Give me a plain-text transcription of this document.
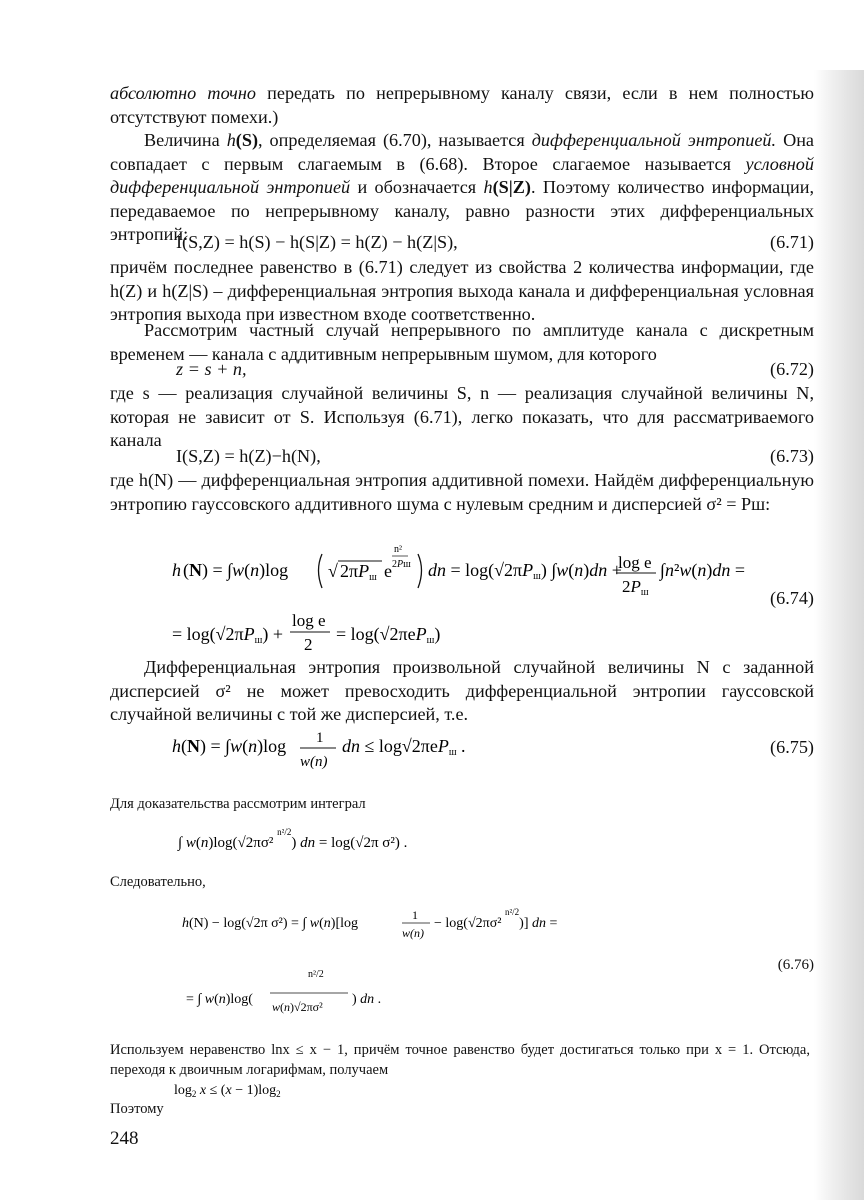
абсолютно точно передать по непрерывному каналу связи, если в нем полностью отсутствуют помехи.)

Величина h(S), определяемая (6.70), называется дифференциальной энтропией. Она совпадает с первым слагаемым в (6.68). Второе слагаемое называется условной дифференциальной энтропией и обозначается h(S|Z). Поэтому количество информации, передаваемое по непрерывному каналу, равно разности этих дифференциальных энтропий:

I(S,Z) = h(S) − h(S|Z) = h(Z) − h(Z|S),	(6.71)

причём последнее равенство в (6.71) следует из свойства 2 количества информации, где h(Z) и h(Z|S) – дифференциальная энтропия выхода канала и дифференциальная условная энтропия выхода при известном входе соответственно.

Рассмотрим частный случай непрерывного по амплитуде канала с дискретным временем — канала с аддитивным непрерывным шумом, для которого

z = s + n,	(6.72)

где s — реализация случайной величины S, n — реализация случайной величины N, которая не зависит от S. Используя (6.71), легко показать, что для рассматриваемого канала

I(S,Z) = h(Z)−h(N),	(6.73)

где h(N) — дифференциальная энтропия аддитивной помехи. Найдём дифференциальную энтропию гауссовского аддитивного шума с нулевым средним и дисперсией σ² = Pш:

h (N) = ∫w(n)log √ 2πPш e
n²
2Pш dn = log(√2πPш) ∫w(n)dn +
log e
2Pш
∫n²w(n)dn =
= log(√2πPш) +
log e
2
= log(√2πePш)
(6.74)

Дифференциальная энтропия произвольной случайной величины N с заданной дисперсией σ² не может превосходить дифференциальной энтропии гауссовской случайной величины с той же дисперсией, т.е.

h(N) = ∫w(n)log 1
w(n)
dn ≤ log√2πePш .	(6.75)

Для доказательства рассмотрим интеграл

∫ w(n)log(√2πσ² $^{n^2/2}$) dn = log(√2π σ²) .

Следовательно,

h(N) − log(√2π σ²) = ∫ w(n)[log
1
w(n)
− log(√2πσ² $^{n^2/2}$)] dn =
= ∫ w(n)log(
n²/2
w(n)√2πσ² ) dn .
(6.76)

Используем неравенство lnx ≤ x − 1, причём точное равенство будет достигаться только при x = 1. Отсюда, переходя к двоичным логарифмам, получаем

$\log_2 x \le (x - 1)\log_2$

Поэтому

248
